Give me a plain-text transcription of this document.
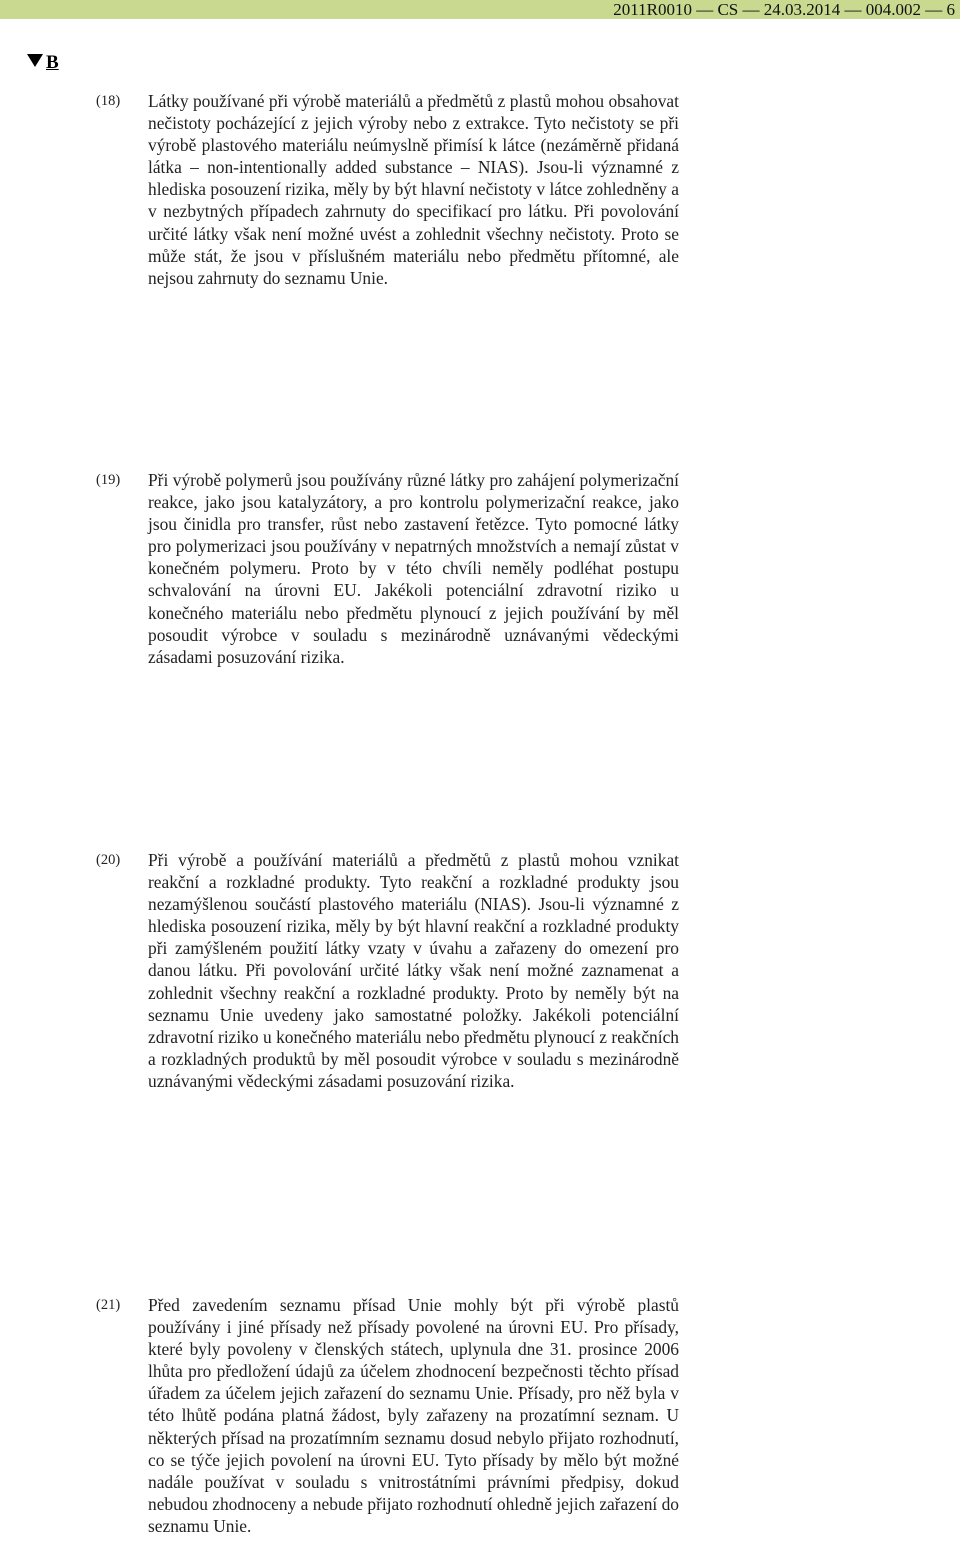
2011R0010 — CS — 24.03.2014 — 004.002 — 6
B
(18) Látky používané při výrobě materiálů a předmětů z plastů mohou obsahovat nečistoty pocházející z jejich výroby nebo z extrakce. Tyto nečistoty se při výrobě plastového materiálu neúmyslně přimísí k látce (nezáměrně přidaná látka – non-intentionally added substance – NIAS). Jsou-li významné z hlediska posouzení rizika, měly by být hlavní nečistoty v látce zohledněny a v nezbytných případech zahrnuty do specifikací pro látku. Při povolování určité látky však není možné uvést a zohlednit všechny nečistoty. Proto se může stát, že jsou v příslušném materiálu nebo předmětu přítomné, ale nejsou zahrnuty do seznamu Unie.

(19) Při výrobě polymerů jsou používány různé látky pro zahájení polymerizační reakce, jako jsou katalyzátory, a pro kontrolu polymerizační reakce, jako jsou činidla pro transfer, růst nebo zastavení řetězce. Tyto pomocné látky pro polymerizaci jsou používány v nepatrných množstvích a nemají zůstat v konečném polymeru. Proto by v této chvíli neměly podléhat postupu schvalování na úrovni EU. Jakékoli potenciální zdravotní riziko u konečného materiálu nebo předmětu plynoucí z jejich používání by měl posoudit výrobce v souladu s mezinárodně uznávanými vědeckými zásadami posuzování rizika.

(20) Při výrobě a používání materiálů a předmětů z plastů mohou vznikat reakční a rozkladné produkty. Tyto reakční a rozkladné produkty jsou nezamýšlenou součástí plastového materiálu (NIAS). Jsou-li významné z hlediska posouzení rizika, měly by být hlavní reakční a rozkladné produkty při zamýšleném použití látky vzaty v úvahu a zařazeny do omezení pro danou látku. Při povolování určité látky však není možné zaznamenat a zohlednit všechny reakční a rozkladné produkty. Proto by neměly být na seznamu Unie uvedeny jako samostatné položky. Jakékoli potenciální zdravotní riziko u konečného materiálu nebo předmětu plynoucí z reakčních a rozkladných produktů by měl posoudit výrobce v souladu s mezinárodně uznávanými vědeckými zásadami posuzování rizika.

(21) Před zavedením seznamu přísad Unie mohly být při výrobě plastů používány i jiné přísady než přísady povolené na úrovni EU. Pro přísady, které byly povoleny v členských státech, uplynula dne 31. prosince 2006 lhůta pro předložení údajů za účelem zhodnocení bezpečnosti těchto přísad úřadem za účelem jejich zařazení do seznamu Unie. Přísady, pro něž byla v této lhůtě podána platná žádost, byly zařazeny na prozatímní seznam. U některých přísad na prozatímním seznamu dosud nebylo přijato rozhodnutí, co se týče jejich povolení na úrovni EU. Tyto přísady by mělo být možné nadále používat v souladu s vnitrostátními právními předpisy, dokud nebudou zhodnoceny a nebude přijato rozhodnutí ohledně jejich zařazení do seznamu Unie.
